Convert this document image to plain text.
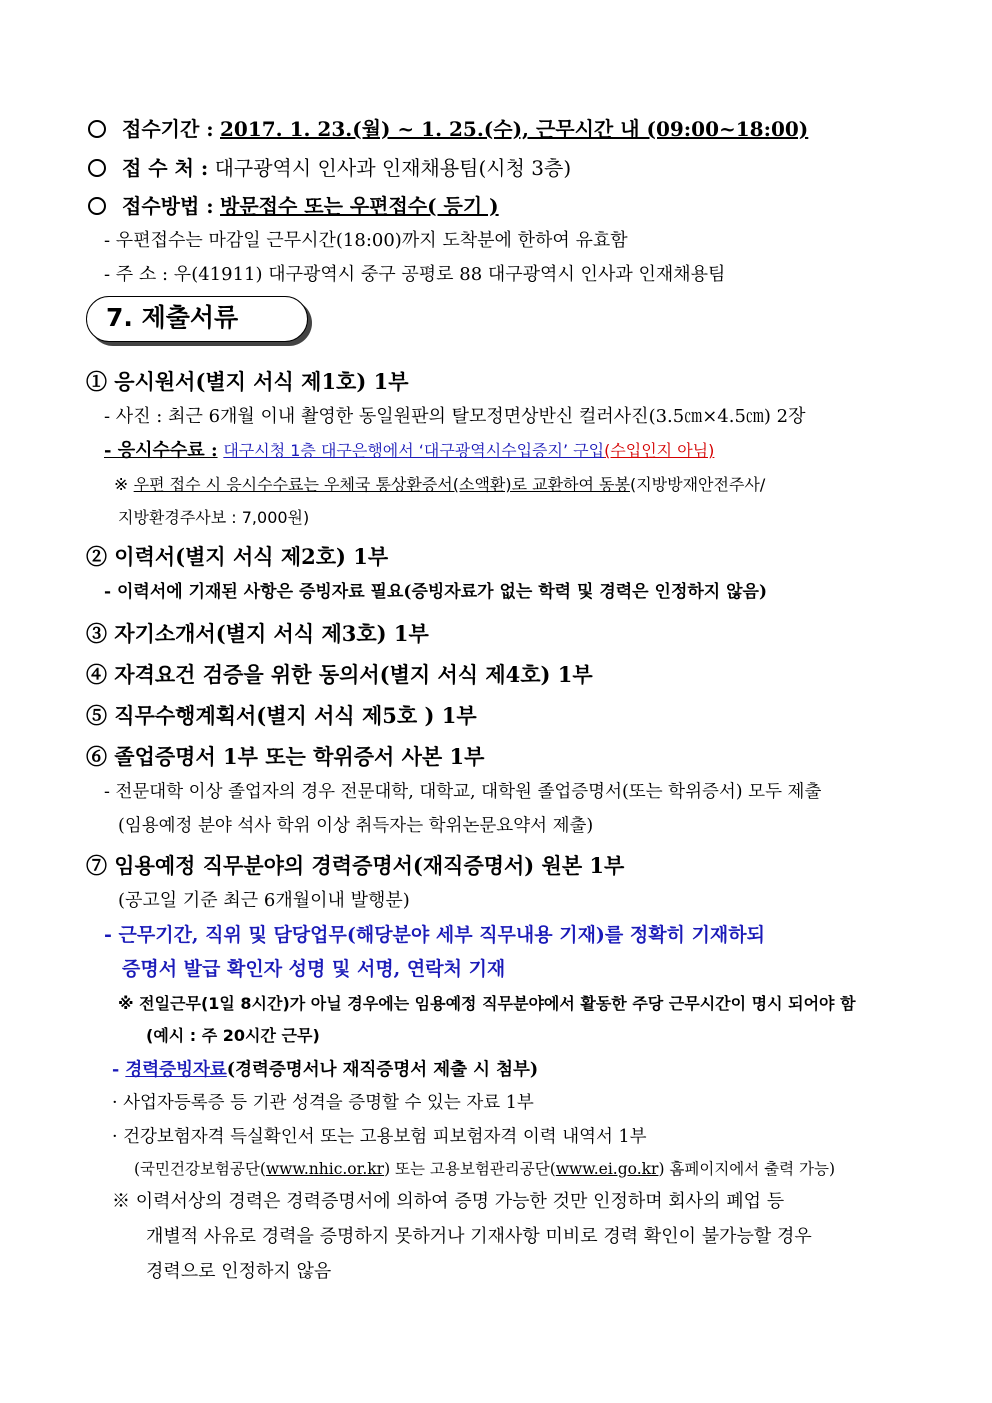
접수기간 : 2017. 1. 23.(월) ~ 1. 25.(수), 근무시간 내 (09:00~18:00)
접 수 처 : 대구광역시 인사과 인재채용팀(시청 3층)
접수방법 : 방문접수 또는 우편접수( 등기 )
- 우편접수는 마감일 근무시간(18:00)까지 도착분에 한하여 유효함
- 주 소 : 우(41911) 대구광역시 중구 공평로 88 대구광역시 인사과 인재채용팀
7. 제출서류
① 응시원서(별지 서식 제1호) 1부
- 사진 : 최근 6개월 이내 촬영한 동일원판의 탈모정면상반신 컬러사진(3.5㎝×4.5㎝) 2장
- 응시수수료 : 대구시청 1층 대구은행에서 ‘대구광역시수입증지’ 구입(수입인지 아님)
※ 우편 접수 시 응시수수료는 우체국 통상환증서(소액환)로 교환하여 동봉(지방방재안전주사/
지방환경주사보 : 7,000원)
② 이력서(별지 서식 제2호) 1부
- 이력서에 기재된 사항은 증빙자료 필요(증빙자료가 없는 학력 및 경력은 인정하지 않음)
③ 자기소개서(별지 서식 제3호) 1부
④ 자격요건 검증을 위한 동의서(별지 서식 제4호) 1부
⑤ 직무수행계획서(별지 서식 제5호 ) 1부
⑥ 졸업증명서 1부 또는 학위증서 사본 1부
- 전문대학 이상 졸업자의 경우 전문대학, 대학교, 대학원 졸업증명서(또는 학위증서) 모두 제출
(임용예정 분야 석사 학위 이상 취득자는 학위논문요약서 제출)
⑦ 임용예정 직무분야의 경력증명서(재직증명서) 원본 1부
(공고일 기준 최근 6개월이내 발행분)
- 근무기간, 직위 및 담당업무(해당분야 세부 직무내용 기재)를 정확히 기재하되
증명서 발급 확인자 성명 및 서명, 연락처 기재
※ 전일근무(1일 8시간)가 아닐 경우에는 임용예정 직무분야에서 활동한 주당 근무시간이 명시 되어야 함
(예시 : 주 20시간 근무)
- 경력증빙자료(경력증명서나 재직증명서 제출 시 첨부)
· 사업자등록증 등 기관 성격을 증명할 수 있는 자료 1부
· 건강보험자격 득실확인서 또는 고용보험 피보험자격 이력 내역서 1부
(국민건강보험공단(www.nhic.or.kr) 또는 고용보험관리공단(www.ei.go.kr) 홈페이지에서 출력 가능)
※ 이력서상의 경력은 경력증명서에 의하여 증명 가능한 것만 인정하며 회사의 폐업 등
개별적 사유로 경력을 증명하지 못하거나 기재사항 미비로 경력 확인이 불가능할 경우
경력으로 인정하지 않음
